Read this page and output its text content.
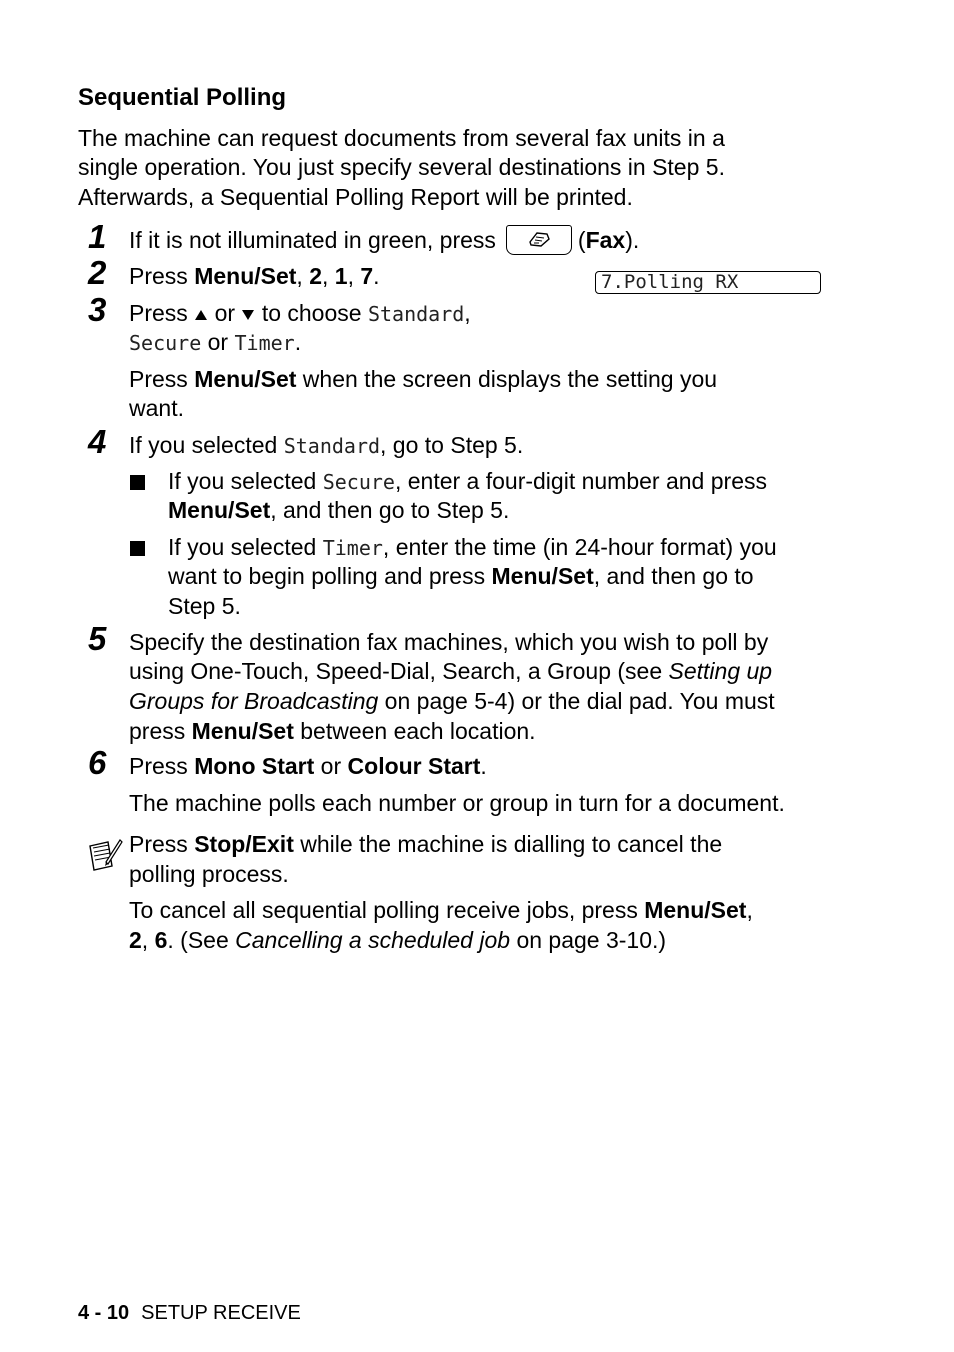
Sequential Polling
The machine can request documents from several fax units in a
single operation. You just specify several destinations in Step 5.
Afterwards, a Sequential Polling Report will be printed.
1 If it is not illuminated in green, press	(Fax).
2 Press Menu/Set, 2, 1, 7.	7.Polling RX
3 Press or to choose Standard,
Secure or Timer.
Press Menu/Set when the screen displays the setting you
want.
4 If you selected Standard, go to Step 5.
If you selected Secure, enter a four-digit number and press
Menu/Set, and then go to Step 5.
If you selected Timer, enter the time (in 24-hour format) you
want to begin polling and press Menu/Set, and then go to
Step 5.
5 Specify the destination fax machines, which you wish to poll by
using One-Touch, Speed-Dial, Search, a Group (see Setting up
Groups for Broadcasting on page 5-4) or the dial pad. You must
press Menu/Set between each location.
6 Press Mono Start or Colour Start.
The machine polls each number or group in turn for a document.
Press Stop/Exit while the machine is dialling to cancel the
polling process.
To cancel all sequential polling receive jobs, press Menu/Set,
2, 6. (See Cancelling a scheduled job on page 3-10.)
4 - 10 SETUP RECEIVE
